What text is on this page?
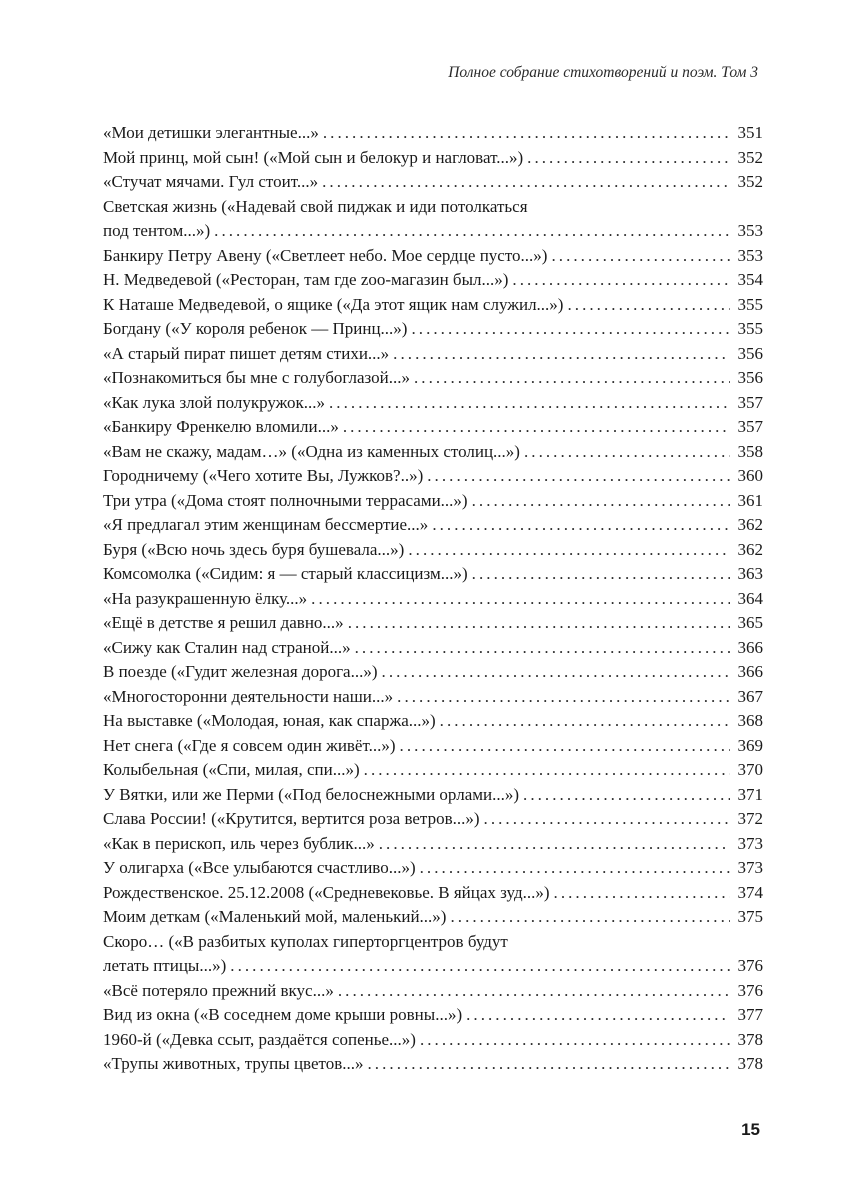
Полное собрание стихотворений и поэм. Том 3
«Мои детишки элегантные...» . . .	351
Мой принц, мой сын! («Мой сын и белокур и нагловат...») . . .	352
«Стучат мячами. Гул стоит...» . . .	352
Светская жизнь («Надевай свой пиджак и иди потолкаться
под тентом...») . . .	353
Банкиру Петру Авену («Светлеет небо. Мое сердце пусто...») . . .	353
Н. Медведевой («Ресторан, там где zoo-магазин был...») . . .	354
К Наташе Медведевой, о ящике («Да этот ящик нам служил...») . . .	355
Богдану («У короля ребенок — Принц...») . . .	355
«А старый пират пишет детям стихи...» . . .	356
«Познакомиться бы мне с голубоглазой...» . . .	356
«Как лука злой полукружок...» . . .	357
«Банкиру Френкелю вломили...» . . .	357
«Вам не скажу, мадам…» («Одна из каменных столиц...») . . .	358
Городничему («Чего хотите Вы, Лужков?..») . . .	360
Три утра («Дома стоят полночными террасами...») . . .	361
«Я предлагал этим женщинам бессмертие...» . . .	362
Буря («Всю ночь здесь буря бушевала...») . . .	362
Комсомолка («Сидим: я — старый классицизм...») . . .	363
«На разукрашенную ёлку...» . . .	364
«Ещё в детстве я решил давно...» . . .	365
«Сижу как Сталин над страной...» . . .	366
В поезде («Гудит железная дорога...») . . .	366
«Многосторонни деятельности наши...» . . .	367
На выставке («Молодая, юная, как спаржа...») . . .	368
Нет снега («Где я совсем один живёт...») . . .	369
Колыбельная («Спи, милая, спи...») . . .	370
У Вятки, или же Перми («Под белоснежными орлами...») . . .	371
Слава России! («Крутится, вертится роза ветров...») . . .	372
«Как в перископ, иль через бублик...» . . .	373
У олигарха («Все улыбаются счастливо...») . . .	373
Рождественское. 25.12.2008 («Средневековье. В яйцах зуд...») . . .	374
Моим деткам («Маленький мой, маленький...») . . .	375
Скоро… («В разбитых куполах гиперторгцентров будут
летать птицы...») . . .	376
«Всё потеряло прежний вкус...» . . .	376
Вид из окна («В соседнем доме крыши ровны...») . . .	377
1960-й («Девка ссыт, раздаётся сопенье...») . . .	378
«Трупы животных, трупы цветов...» . . .	378
15
